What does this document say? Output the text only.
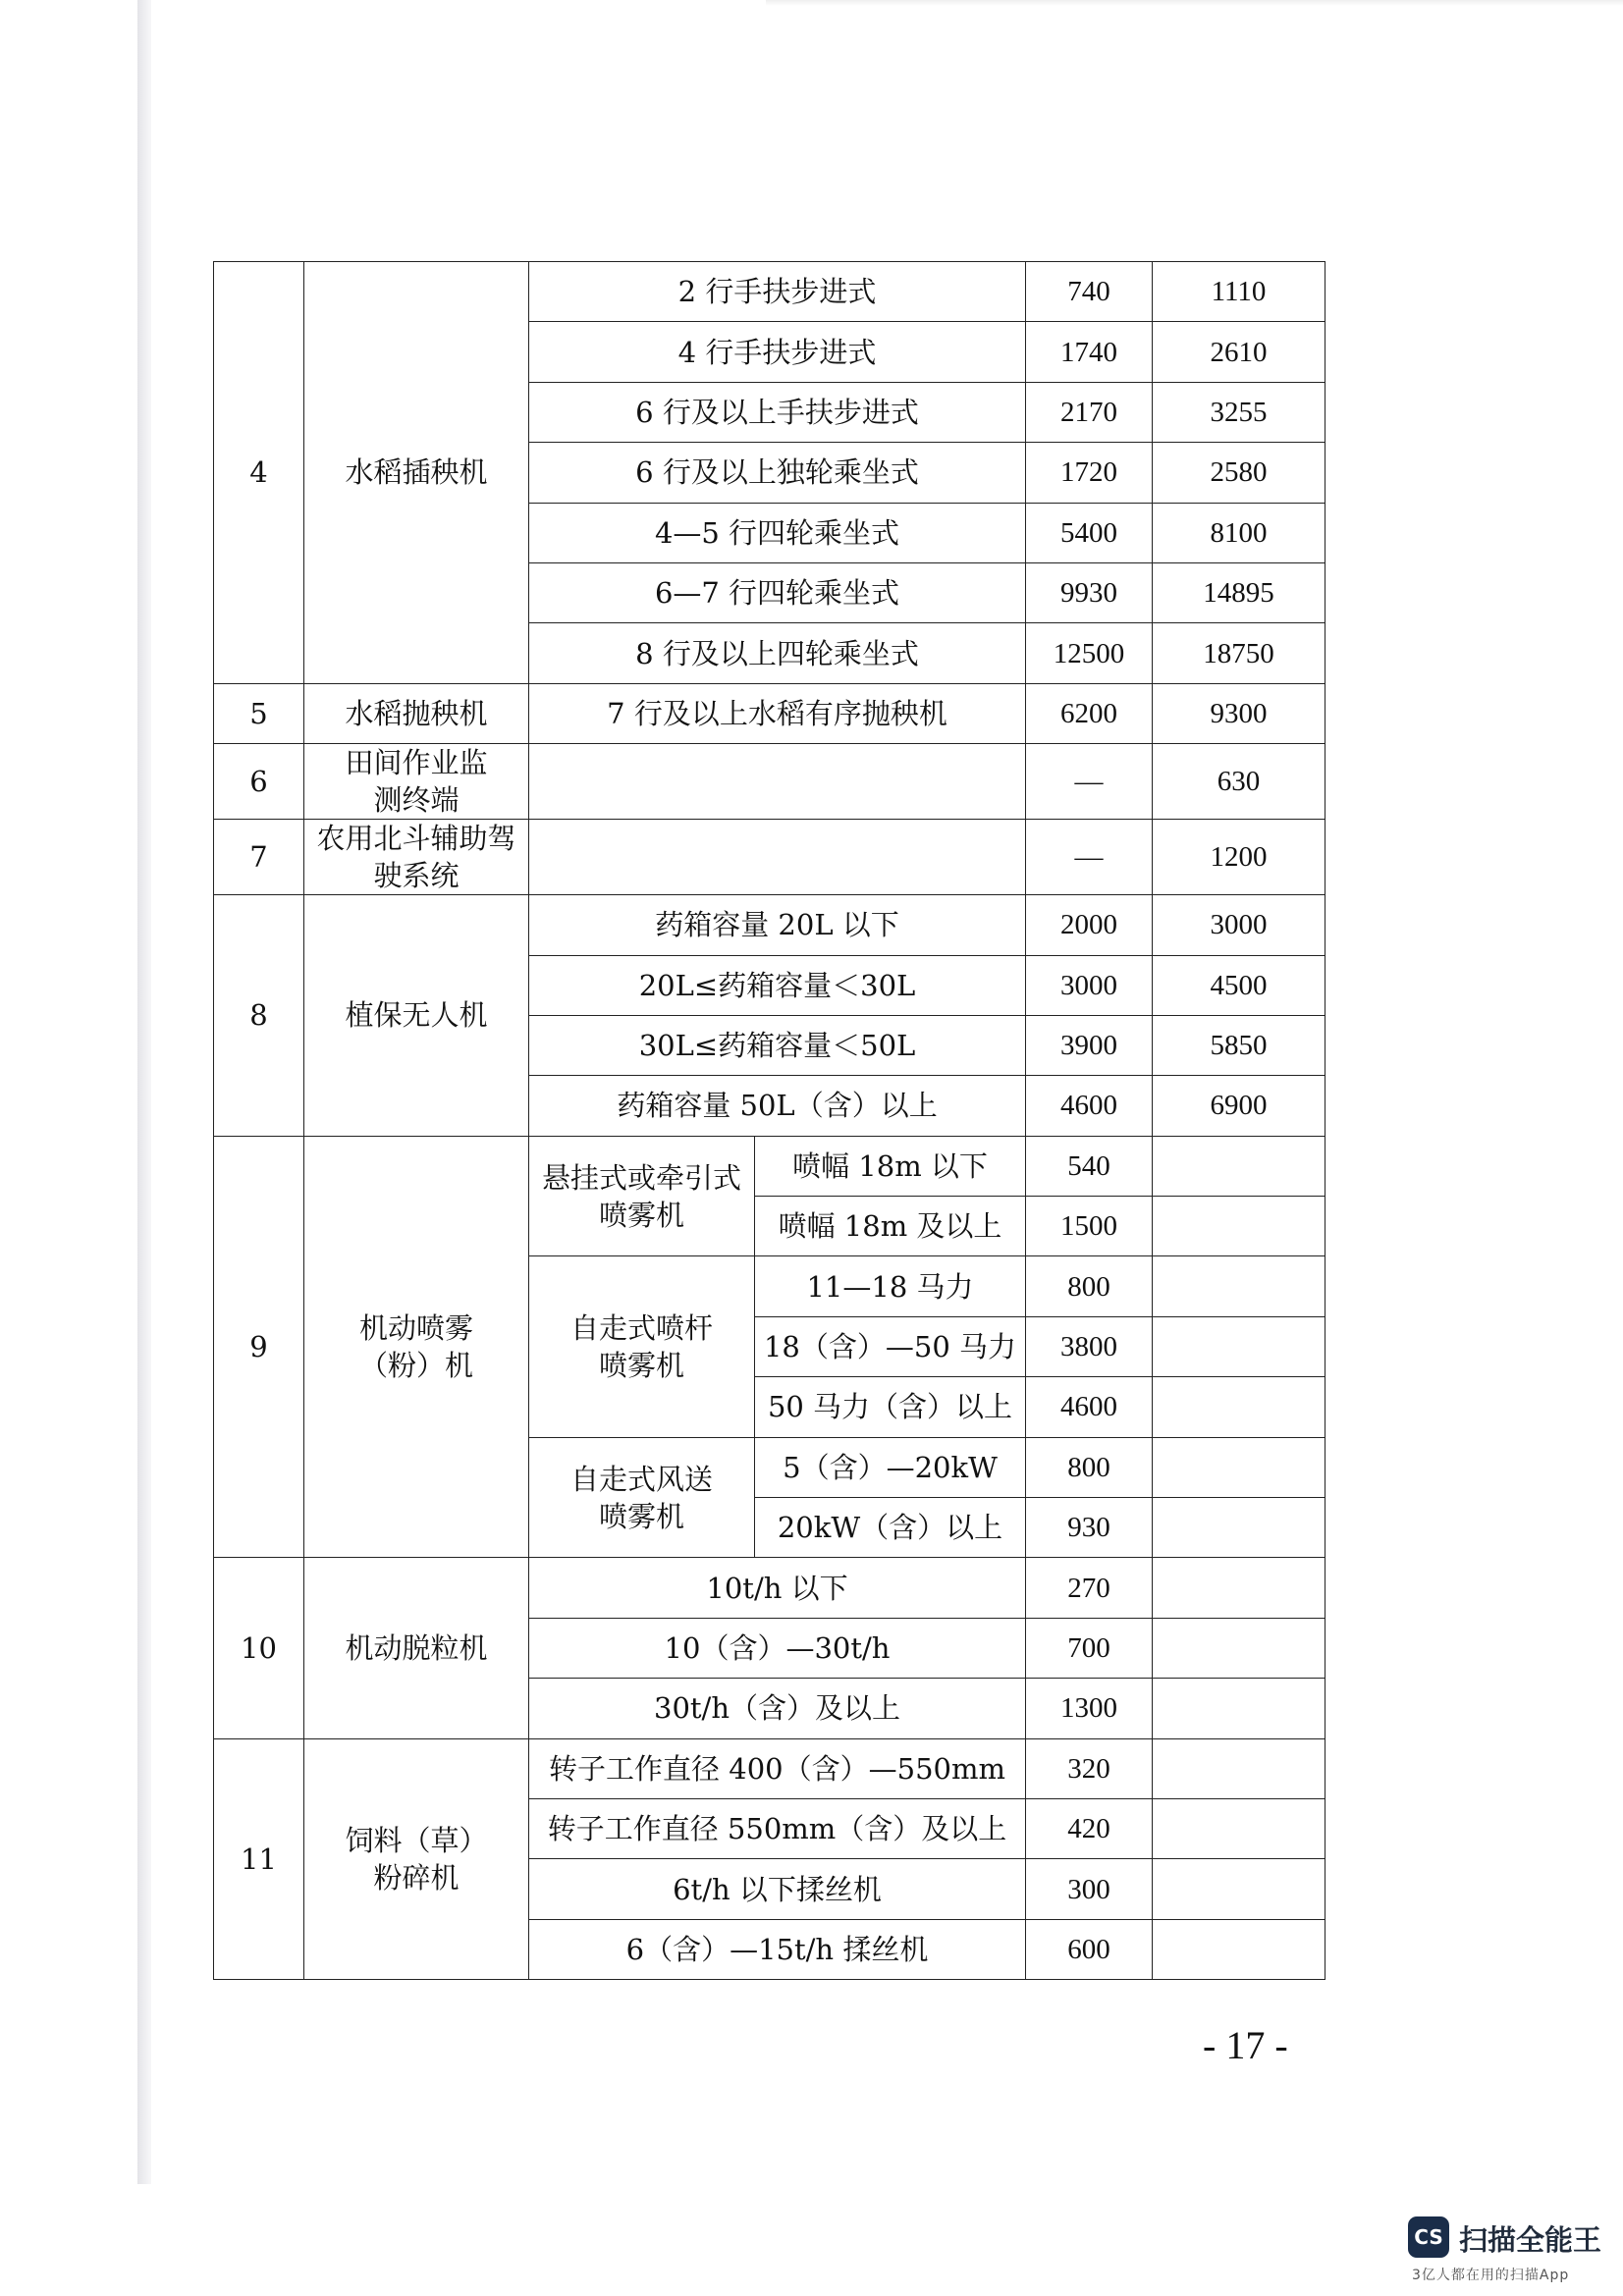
4	水稻插秧机	2 行手扶步进式		740	1110
		4 行手扶步进式		1740	2610
		6 行及以上手扶步进式		2170	3255
		6 行及以上独轮乘坐式		1720	2580
		4—5 行四轮乘坐式		5400	8100
		6—7 行四轮乘坐式		9930	14895
		8 行及以上四轮乘坐式		12500	18750
5	水稻抛秧机	7 行及以上水稻有序抛秧机		6200	9300
6	田间作业监测终端			—	630
7	农用北斗辅助驾驶系统			—	1200
8	植保无人机	药箱容量 20L 以下		2000	3000
		20L≤药箱容量＜30L		3000	4500
		30L≤药箱容量＜50L		3900	5850
		药箱容量 50L（含）以上		4600	6900
9	机动喷雾（粉）机	悬挂式或牵引式喷雾机	喷幅 18m 以下	540	
			喷幅 18m 及以上	1500	
		自走式喷杆喷雾机	11—18 马力	800	
			18（含）—50 马力	3800	
			50 马力（含）以上	4600	
		自走式风送喷雾机	5（含）—20kW	800	
			20kW（含）以上	930	
10	机动脱粒机	10t/h 以下		270	
		10（含）—30t/h		700	
		30t/h（含）及以上		1300	
11	饲料（草）粉碎机	转子工作直径 400（含）—550mm		320	
		转子工作直径 550mm（含）及以上		420	
		6t/h 以下揉丝机		300	
		6（含）—15t/h 揉丝机		600	
- 17 -
CS 扫描全能王
3亿人都在用的扫描App
